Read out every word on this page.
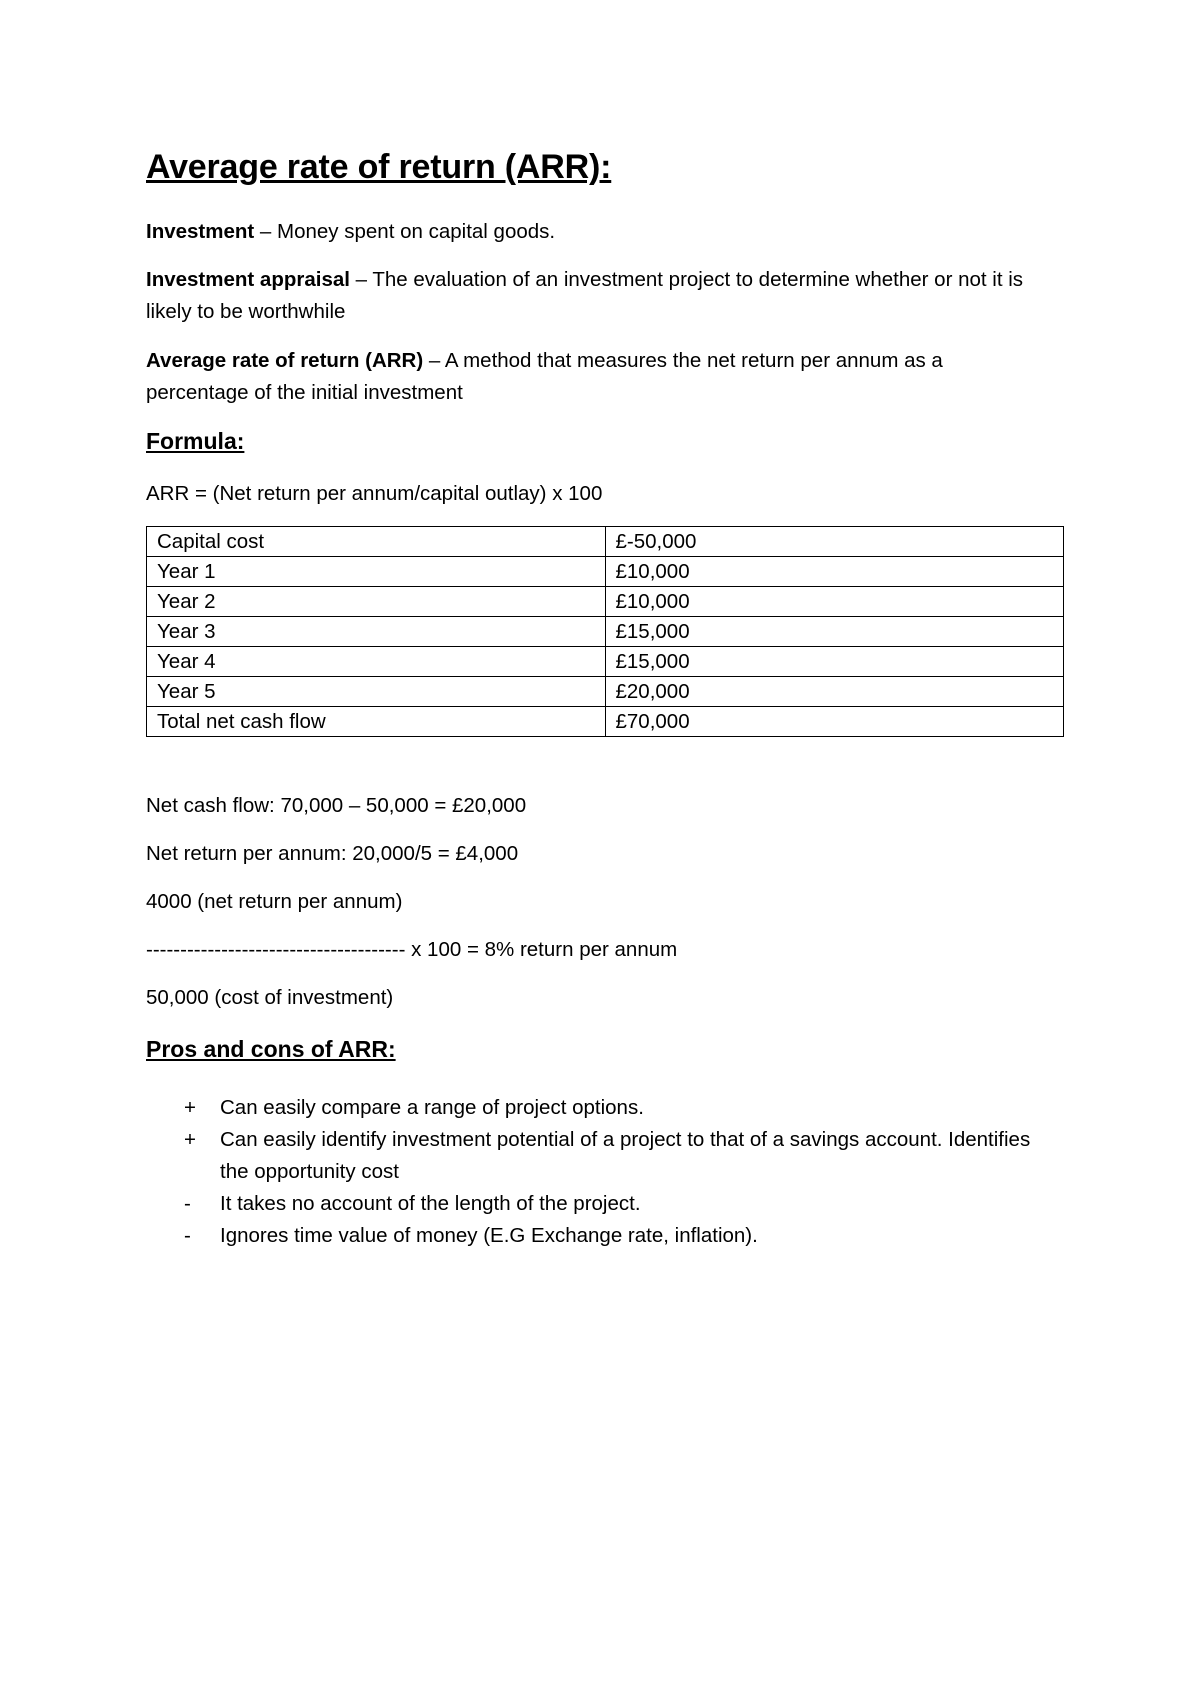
Average rate of return (ARR):

Investment – Money spent on capital goods.

Investment appraisal – The evaluation of an investment project to determine whether or not it is likely to be worthwhile

Average rate of return (ARR) – A method that measures the net return per annum as a percentage of the initial investment

Formula:

ARR = (Net return per annum/capital outlay) x 100

Capital cost	£-50,000
Year 1	£10,000
Year 2	£10,000
Year 3	£15,000
Year 4	£15,000
Year 5	£20,000
Total net cash flow	£70,000

Net cash flow: 70,000 – 50,000 = £20,000

Net return per annum: 20,000/5 = £4,000

4000 (net return per annum)

-------------------------------------- x 100 = 8% return per annum

50,000 (cost of investment)

Pros and cons of ARR:
+	Can easily compare a range of project options.
+	Can easily identify investment potential of a project to that of a savings account. Identifies the opportunity cost
-	It takes no account of the length of the project.
-	Ignores time value of money (E.G Exchange rate, inflation).
